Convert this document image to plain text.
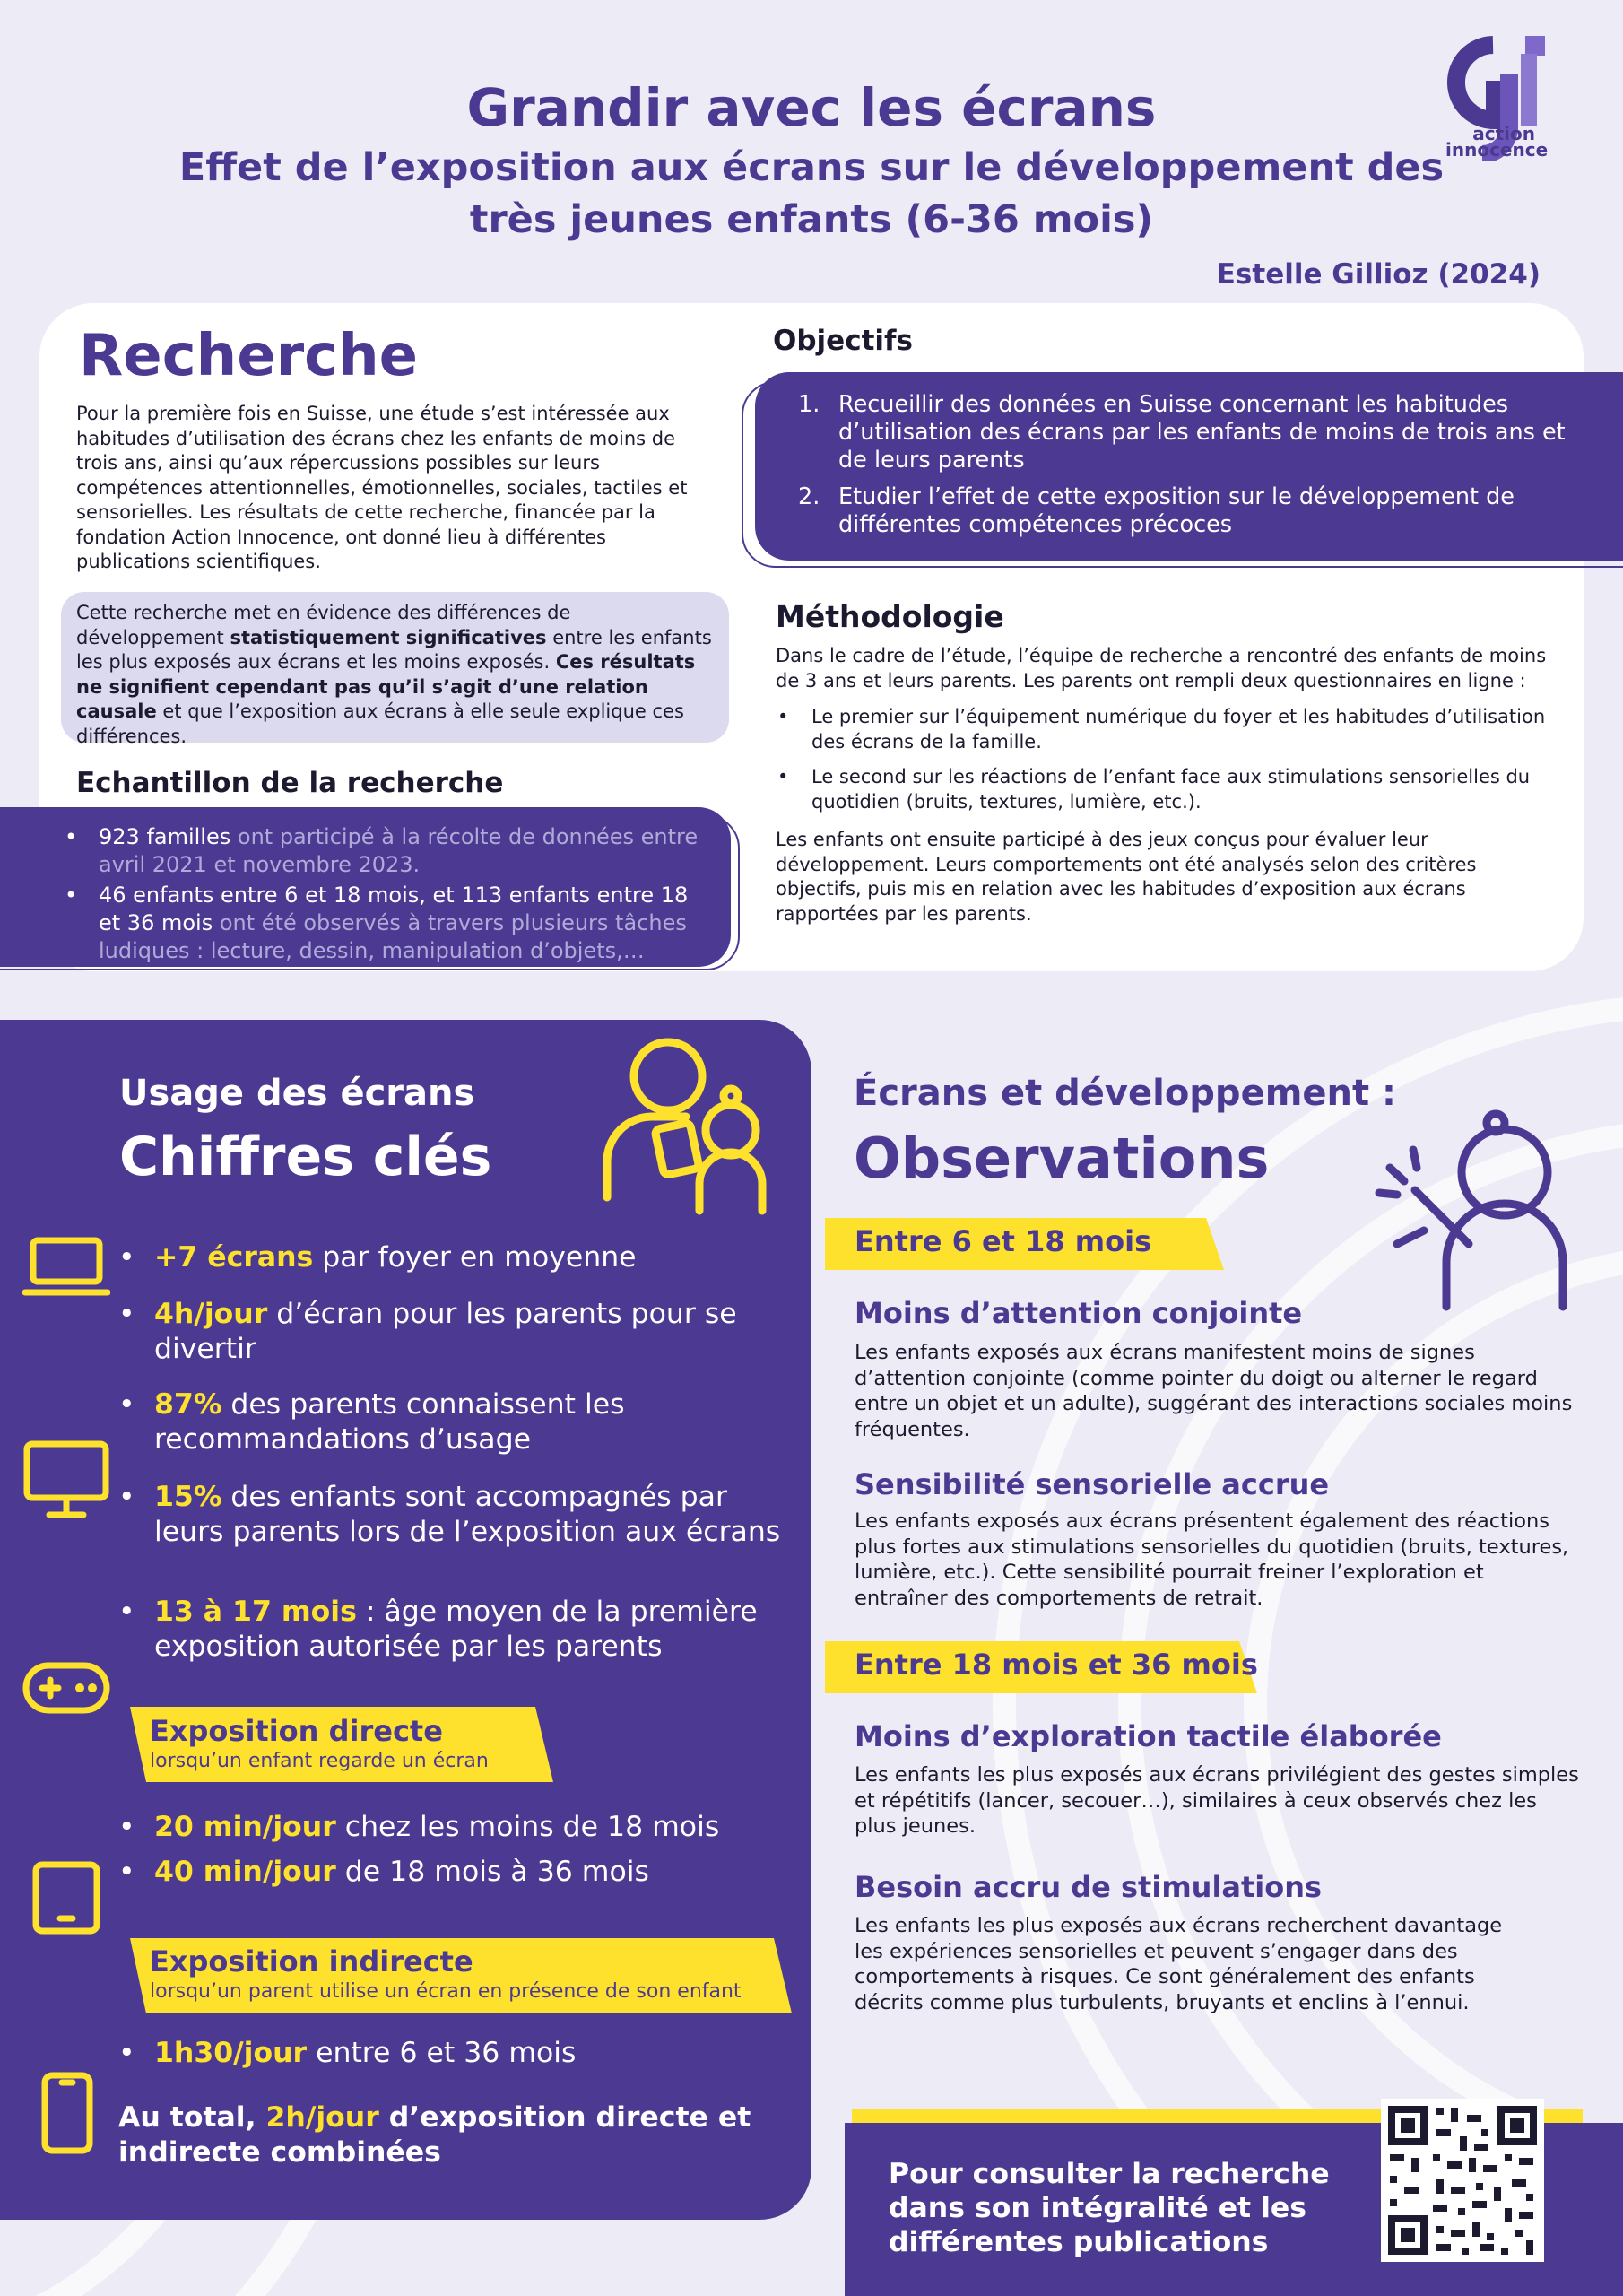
Grandir avec les écrans
Effet de l’exposition aux écrans sur le développement des très jeunes enfants (6-36 mois)
Estelle Gillioz (2024)
action
innocence
Recherche
Pour la première fois en Suisse, une étude s’est intéressée aux habitudes d’utilisation des écrans chez les enfants de moins de trois ans, ainsi qu’aux répercussions possibles sur leurs compétences attentionnelles, émotionnelles, sociales, tactiles et sensorielles. Les résultats de cette recherche, financée par la fondation Action Innocence, ont donné lieu à différentes publications scientifiques.
Cette recherche met en évidence des différences de développement statistiquement significatives entre les enfants les plus exposés aux écrans et les moins exposés. Ces résultats ne signifient cependant pas qu’il s’agit d’une relation causale et que l’exposition aux écrans à elle seule explique ces différences.
Echantillon de la recherche
• 923 familles ont participé à la récolte de données entre avril 2021 et novembre 2023.
• 46 enfants entre 6 et 18 mois, et 113 enfants entre 18 et 36 mois ont été observés à travers plusieurs tâches ludiques : lecture, dessin, manipulation d’objets,…
Objectifs
1. Recueillir des données en Suisse concernant les habitudes d’utilisation des écrans par les enfants de moins de trois ans et de leurs parents
2. Etudier l’effet de cette exposition sur le développement de différentes compétences précoces
Méthodologie
Dans le cadre de l’étude, l’équipe de recherche a rencontré des enfants de moins de 3 ans et leurs parents. Les parents ont rempli deux questionnaires en ligne :
• Le premier sur l’équipement numérique du foyer et les habitudes d’utilisation des écrans de la famille.
• Le second sur les réactions de l’enfant face aux stimulations sensorielles du quotidien (bruits, textures, lumière, etc.).
Les enfants ont ensuite participé à des jeux conçus pour évaluer leur développement. Leurs comportements ont été analysés selon des critères objectifs, puis mis en relation avec les habitudes d’exposition aux écrans rapportées par les parents.
Usage des écrans
Chiffres clés
• +7 écrans par foyer en moyenne
• 4h/jour d’écran pour les parents pour se divertir
• 87% des parents connaissent les recommandations d’usage
• 15% des enfants sont accompagnés par leurs parents lors de l’exposition aux écrans
• 13 à 17 mois : âge moyen de la première exposition autorisée par les parents
Exposition directe
lorsqu’un enfant regarde un écran
• 20 min/jour chez les moins de 18 mois
• 40 min/jour de 18 mois à 36 mois
Exposition indirecte
lorsqu’un parent utilise un écran en présence de son enfant
• 1h30/jour entre 6 et 36 mois
Au total, 2h/jour d’exposition directe et indirecte combinées
Écrans et développement :
Observations
Entre 6 et 18 mois
Moins d’attention conjointe
Les enfants exposés aux écrans manifestent moins de signes d’attention conjointe (comme pointer du doigt ou alterner le regard entre un objet et un adulte), suggérant des interactions sociales moins fréquentes.
Sensibilité sensorielle accrue
Les enfants exposés aux écrans présentent également des réactions plus fortes aux stimulations sensorielles du quotidien (bruits, textures, lumière, etc.). Cette sensibilité pourrait freiner l’exploration et entraîner des comportements de retrait.
Entre 18 mois et 36 mois
Moins d’exploration tactile élaborée
Les enfants les plus exposés aux écrans privilégient des gestes simples et répétitifs (lancer, secouer…), similaires à ceux observés chez les plus jeunes.
Besoin accru de stimulations
Les enfants les plus exposés aux écrans recherchent davantage les expériences sensorielles et peuvent s’engager dans des comportements à risques. Ce sont généralement des enfants décrits comme plus turbulents, bruyants et enclins à l’ennui.
Pour consulter la recherche dans son intégralité et les différentes publications
